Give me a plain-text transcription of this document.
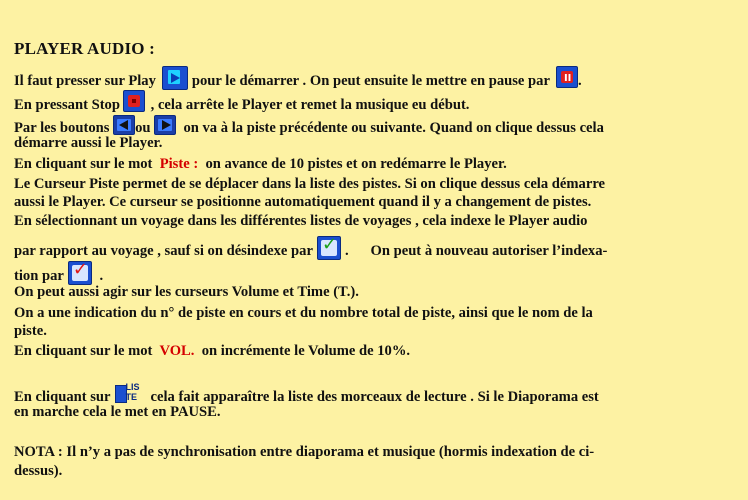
PLAYER AUDIO :
Il faut presser sur Play pour le démarrer . On peut ensuite le mettre en pause par II .
En pressant Stop , cela arrête le Player et remet la musique eu début.
Par les boutons ou on va à la piste précédente ou suivante. Quand on clique dessus cela
démarre aussi le Player.
En cliquant sur le mot Piste : on avance de 10 pistes et on redémarre le Player.
Le Curseur Piste permet de se déplacer dans la liste des pistes. Si on clique dessus cela démarre
aussi le Player. Ce curseur se positionne automatiquement quand il y a changement de pistes.
En sélectionnant un voyage dans les différentes listes de voyages , cela indexe le Player audio
par rapport au voyage , sauf si on désindexe par ✓ . On peut à nouveau autoriser l’indexa-
tion par ✓ .
On peut aussi agir sur les curseurs Volume et Time (T.).
On a une indication du n° de piste en cours et du nombre total de piste, ainsi que le nom de la
piste.
En cliquant sur le mot VOL. on incrémente le Volume de 10%.
En cliquant sur
LIS
TE cela fait apparaître la liste des morceaux de lecture . Si le Diaporama est
en marche cela le met en PAUSE.
NOTA : Il n’y a pas de synchronisation entre diaporama et musique (hormis indexation de ci-
dessus).
